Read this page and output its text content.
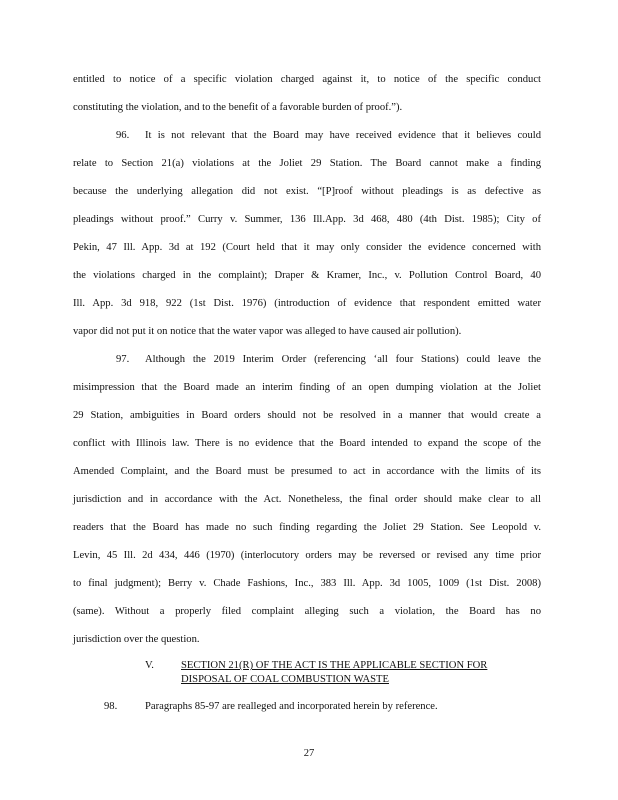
entitled to notice of a specific violation charged against it, to notice of the specific conduct
constituting the violation, and to the benefit of a favorable burden of proof.”).
96. It is not relevant that the Board may have received evidence that it believes could
relate to Section 21(a) violations at the Joliet 29 Station. The Board cannot make a finding
because the underlying allegation did not exist. “[P]roof without pleadings is as defective as
pleadings without proof.” Curry v. Summer, 136 Ill.App. 3d 468, 480 (4th Dist. 1985); City of
Pekin, 47 Ill. App. 3d at 192 (Court held that it may only consider the evidence concerned with
the violations charged in the complaint); Draper & Kramer, Inc., v. Pollution Control Board, 40
Ill. App. 3d 918, 922 (1st Dist. 1976) (introduction of evidence that respondent emitted water
vapor did not put it on notice that the water vapor was alleged to have caused air pollution).
97. Although the 2019 Interim Order (referencing ‘all four Stations) could leave the
misimpression that the Board made an interim finding of an open dumping violation at the Joliet
29 Station, ambiguities in Board orders should not be resolved in a manner that would create a
conflict with Illinois law. There is no evidence that the Board intended to expand the scope of the
Amended Complaint, and the Board must be presumed to act in accordance with the limits of its
jurisdiction and in accordance with the Act. Nonetheless, the final order should make clear to all
readers that the Board has made no such finding regarding the Joliet 29 Station. See Leopold v.
Levin, 45 Ill. 2d 434, 446 (1970) (interlocutory orders may be reversed or revised any time prior
to final judgment); Berry v. Chade Fashions, Inc., 383 Ill. App. 3d 1005, 1009 (1st Dist. 2008)
(same). Without a properly filed complaint alleging such a violation, the Board has no
jurisdiction over the question.
V.	SECTION 21(R) OF THE ACT IS THE APPLICABLE SECTION FOR
DISPOSAL OF COAL COMBUSTION WASTE
98.	Paragraphs 85-97 are realleged and incorporated herein by reference.
27
